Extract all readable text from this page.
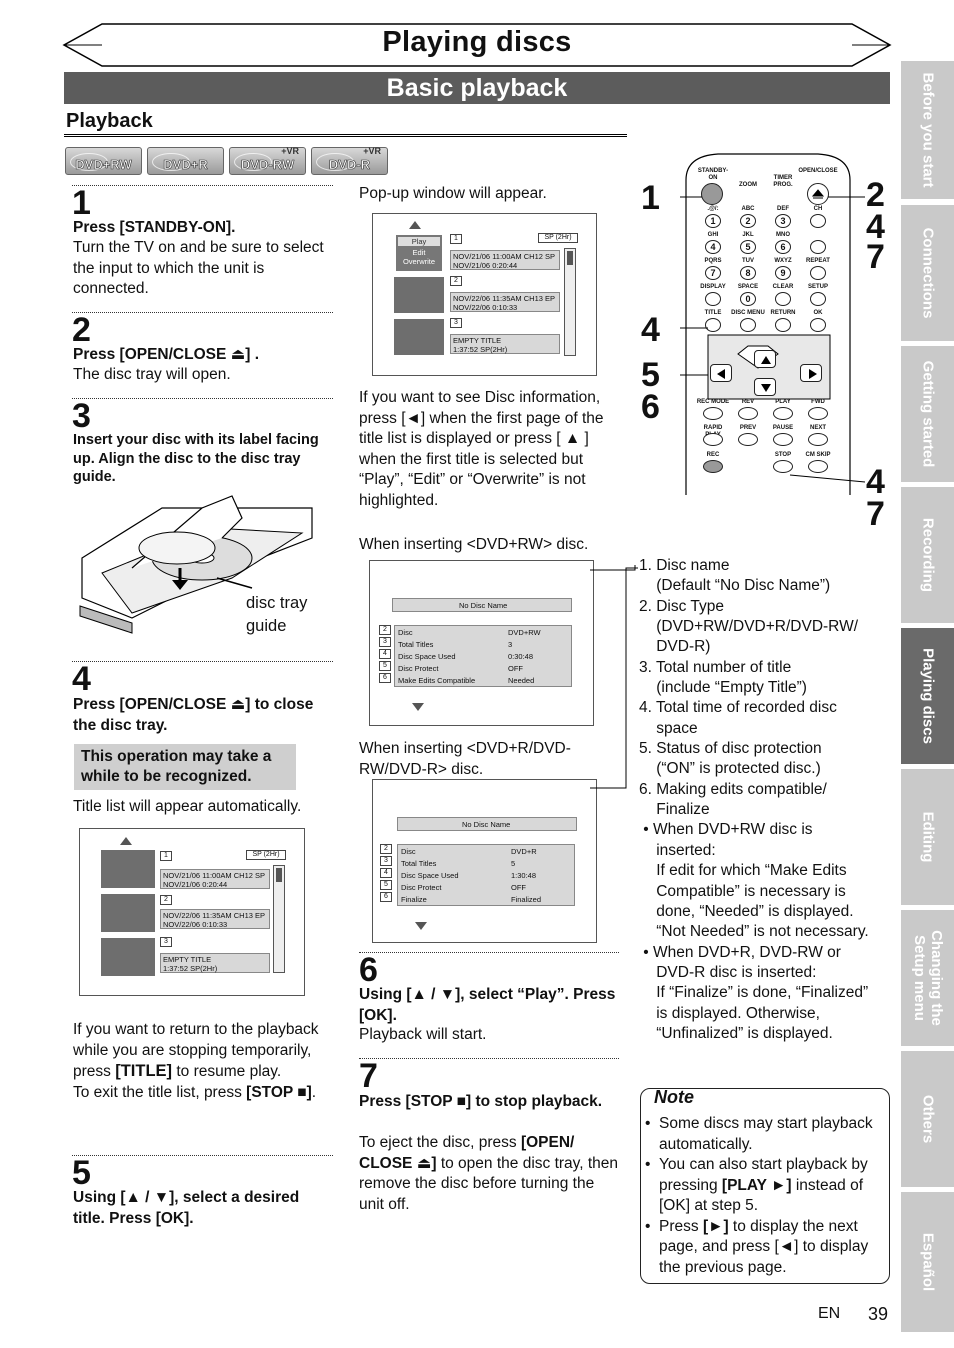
Playing discs
Basic playback
Playback
DVD+RW	DVD+R
+VR
DVD-RW
+VR
DVD-R
1
Press [STANDBY-ON].
Turn the TV on and be sure to select the input to which the unit is connected.
2
Press [OPEN/CLOSE ⏏] .
The disc tray will open.
3
Insert your disc with its label facing up. Align the disc to the disc tray guide.
disc tray guide
4
Press [OPEN/CLOSE ⏏] to close the disc tray.
This operation may take a while to be recognized.
Title list will appear automatically.
1	SP (2Hr)
NOV/21/06 11:00AM CH12 SP
NOV/21/06 0:20:44
2
NOV/22/06 11:35AM CH13 EP
NOV/22/06 0:10:33
3
EMPTY TITLE
1:37:52 SP(2Hr)
If you want to return to the playback while you are stopping temporarily, press [TITLE] to resume play.
To exit the title list, press [STOP ■].
5
Using [▲ / ▼], select a desired title. Press [OK].
Pop-up window will appear.
Play
Edit
Overwrite
1	SP (2Hr)
NOV/21/06 11:00AM CH12 SP
NOV/21/06 0:20:44
2
NOV/22/06 11:35AM CH13 EP
NOV/22/06 0:10:33
3
EMPTY TITLE
1:37:52 SP(2Hr)
If you want to see Disc information, press [◄] when the first page of the title list is displayed or press [ ▲ ] when the first title is selected but “Play”, “Edit” or “Overwrite” is not highlighted.
When inserting <DVD+RW> disc.
No Disc Name
2
3
4
5
6
Disc	DVD+RW
Total Titles	3
Disc Space Used	0:30:48
Disc Protect	OFF
Make Edits Compatible	Needed
When inserting <DVD+R/DVD-RW/DVD-R> disc.
No Disc Name
2
3
4
5
6
Disc	DVD+R
Total Titles	5
Disc Space Used	1:30:48
Disc Protect	OFF
Finalize	Finalized
6
Using [▲ / ▼], select “Play”. Press [OK].
Playback will start.
7
Press [STOP ■] to stop playback.
To eject the disc, press [OPEN/ CLOSE ⏏] to open the disc tray, then remove the disc before turning the unit off.
.@/:
1
ABC
2
DEF
3
CH
GHI
4
JKL
5
MNO
6
PQRS
7
TUV
8
WXYZ
9
REPEAT
DISPLAY	SPACE
0
CLEAR	SETUP
TITLE	DISC MENU RETURN	OK
REC MODE	REV	PLAY	FWD
RAPID	PREV	PAUSE	NEXT
REC	STOP	CM SKIP
STANDBY-ON
OPEN/CLOSE
ZOOM
TIMER PROG.
1	2
4
7
4
5
6
4
7
1. Disc name
(Default “No Disc Name”)
2. Disc Type
(DVD+RW/DVD+R/DVD-RW/
DVD-R)
3. Total number of title
(include “Empty Title”)
4. Total time of recorded disc
space
5. Status of disc protection
(“ON” is protected disc.)
6. Making edits compatible/
Finalize
• When DVD+RW disc is
inserted:
If edit for which “Make Edits
Compatible” is necessary is
done, “Needed” is displayed.
“Not Needed” is not necessary.
• When DVD+R, DVD-RW or
DVD-R disc is inserted:
If “Finalize” is done, “Finalized”
is displayed. Otherwise,
“Unfinalized” is displayed.
Note
• Some discs may start playback automatically.
• You can also start playback by pressing [PLAY ►] instead of [OK] at step 5.
• Press [►] to display the next page, and press [◄] to display the previous page.
Before you start
Connections
Getting started
Recording
Playing discs
Editing
Changing the Setup menu
Others
Español
EN 39
